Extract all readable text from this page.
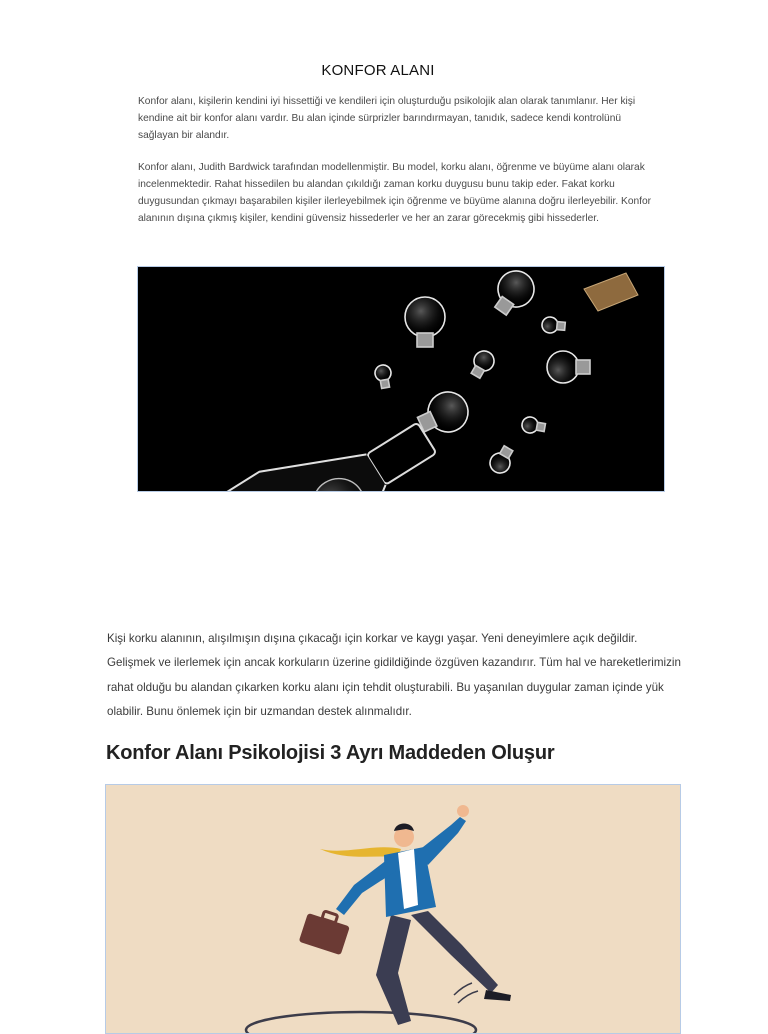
KONFOR ALANI
Konfor alanı, kişilerin kendini iyi hissettiği ve kendileri için oluşturduğu psikolojik alan olarak tanımlanır. Her kişi kendine ait bir konfor alanı vardır. Bu alan içinde sürprizler barındırmayan, tanıdık, sadece kendi kontrolünü sağlayan bir alandır.
Konfor alanı, Judith Bardwick tarafından modellenmiştir. Bu model, korku alanı, öğrenme ve büyüme alanı olarak incelenmektedir. Rahat hissedilen bu alandan çıkıldığı zaman korku duygusu bunu takip eder. Fakat korku duygusundan çıkmayı başarabilen kişiler ilerleyebilmek için öğrenme ve büyüme alanına doğru ilerleyebilir. Konfor alanının dışına çıkmış kişiler, kendini güvensiz hissederler ve her an zarar görecekmiş gibi hissederler.
Kişi korku alanının, alışılmışın dışına çıkacağı için korkar ve kaygı yaşar. Yeni deneyimlere açık değildir. Gelişmek ve ilerlemek için ancak korkuların üzerine gidildiğinde özgüven kazandırır. Tüm hal ve hareketlerimizin rahat olduğu bu alandan çıkarken korku alanı için tehdit oluşturabili. Bu yaşanılan duygular zaman içinde yük olabilir. Bunu önlemek için bir uzmandan destek alınmalıdır.
Konfor Alanı Psikolojisi 3 Ayrı Maddeden Oluşur
